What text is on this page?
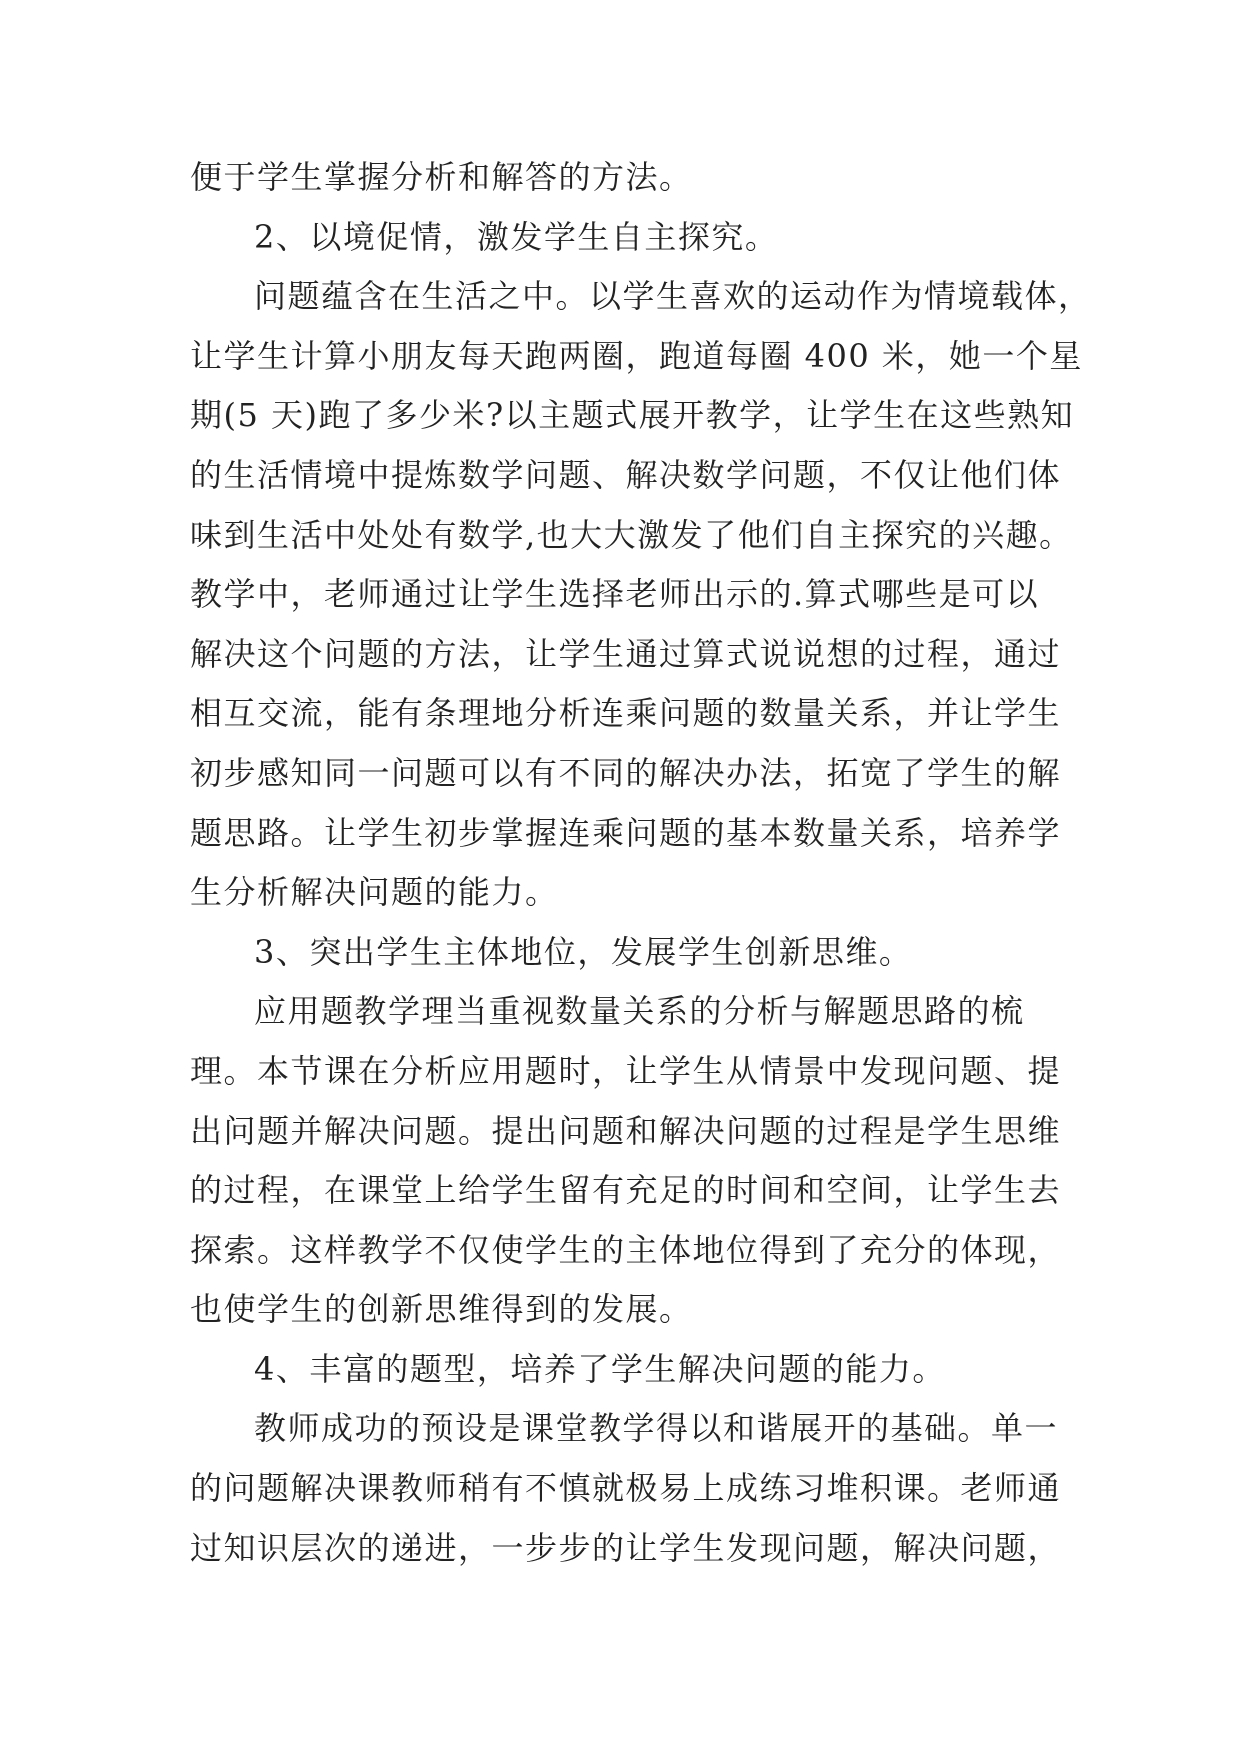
便于学生掌握分析和解答的方法。
2、以境促情，激发学生自主探究。
问题蕴含在生活之中。以学生喜欢的运动作为情境载体，
让学生计算小朋友每天跑两圈，跑道每圈 400 米，她一个星
期(5 天)跑了多少米?以主题式展开教学，让学生在这些熟知
的生活情境中提炼数学问题、解决数学问题，不仅让他们体
味到生活中处处有数学,也大大激发了他们自主探究的兴趣。
教学中，老师通过让学生选择老师出示的.算式哪些是可以
解决这个问题的方法，让学生通过算式说说想的过程，通过
相互交流，能有条理地分析连乘问题的数量关系，并让学生
初步感知同一问题可以有不同的解决办法，拓宽了学生的解
题思路。让学生初步掌握连乘问题的基本数量关系，培养学
生分析解决问题的能力。
3、突出学生主体地位，发展学生创新思维。
应用题教学理当重视数量关系的分析与解题思路的梳
理。本节课在分析应用题时，让学生从情景中发现问题、提
出问题并解决问题。提出问题和解决问题的过程是学生思维
的过程，在课堂上给学生留有充足的时间和空间，让学生去
探索。这样教学不仅使学生的主体地位得到了充分的体现，
也使学生的创新思维得到的发展。
4、丰富的题型，培养了学生解决问题的能力。
教师成功的预设是课堂教学得以和谐展开的基础。单一
的问题解决课教师稍有不慎就极易上成练习堆积课。老师通
过知识层次的递进，一步步的让学生发现问题，解决问题，
